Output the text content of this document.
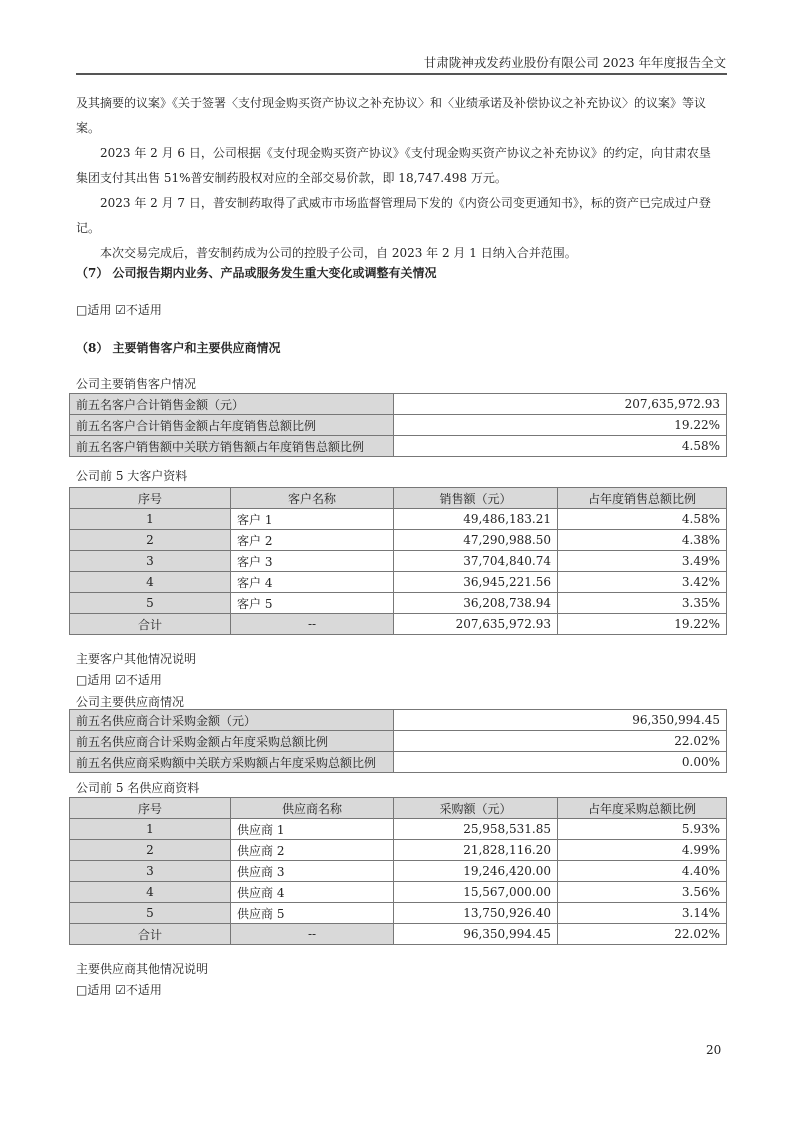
甘肃陇神戎发药业股份有限公司 2023 年年度报告全文

及其摘要的议案》《关于签署〈支付现金购买资产协议之补充协议〉和〈业绩承诺及补偿协议之补充协议〉的议案》等议案。

2023 年 2 月 6 日，公司根据《支付现金购买资产协议》《支付现金购买资产协议之补充协议》的约定，向甘肃农垦集团支付其出售 51%普安制药股权对应的全部交易价款，即 18,747.498 万元。

2023 年 2 月 7 日，普安制药取得了武威市市场监督管理局下发的《内资公司变更通知书》，标的资产已完成过户登记。

本次交易完成后，普安制药成为公司的控股子公司，自 2023 年 2 月 1 日纳入合并范围。

（7） 公司报告期内业务、产品或服务发生重大变化或调整有关情况
□适用 ☑不适用
（8） 主要销售客户和主要供应商情况
公司主要销售客户情况
前五名客户合计销售金额（元）	207,635,972.93
前五名客户合计销售金额占年度销售总额比例	19.22%
前五名客户销售额中关联方销售额占年度销售总额比例	4.58%
公司前 5 大客户资料
序号	客户名称	销售额（元）	占年度销售总额比例
1	客户 1	49,486,183.21	4.58%
2	客户 2	47,290,988.50	4.38%
3	客户 3	37,704,840.74	3.49%
4	客户 4	36,945,221.56	3.42%
5	客户 5	36,208,738.94	3.35%
合计	--	207,635,972.93	19.22%
主要客户其他情况说明
□适用 ☑不适用
公司主要供应商情况
前五名供应商合计采购金额（元）	96,350,994.45
前五名供应商合计采购金额占年度采购总额比例	22.02%
前五名供应商采购额中关联方采购额占年度采购总额比例	0.00%
公司前 5 名供应商资料
序号	供应商名称	采购额（元）	占年度采购总额比例
1	供应商 1	25,958,531.85	5.93%
2	供应商 2	21,828,116.20	4.99%
3	供应商 3	19,246,420.00	4.40%
4	供应商 4	15,567,000.00	3.56%
5	供应商 5	13,750,926.40	3.14%
合计	--	96,350,994.45	22.02%
主要供应商其他情况说明
□适用 ☑不适用
20
